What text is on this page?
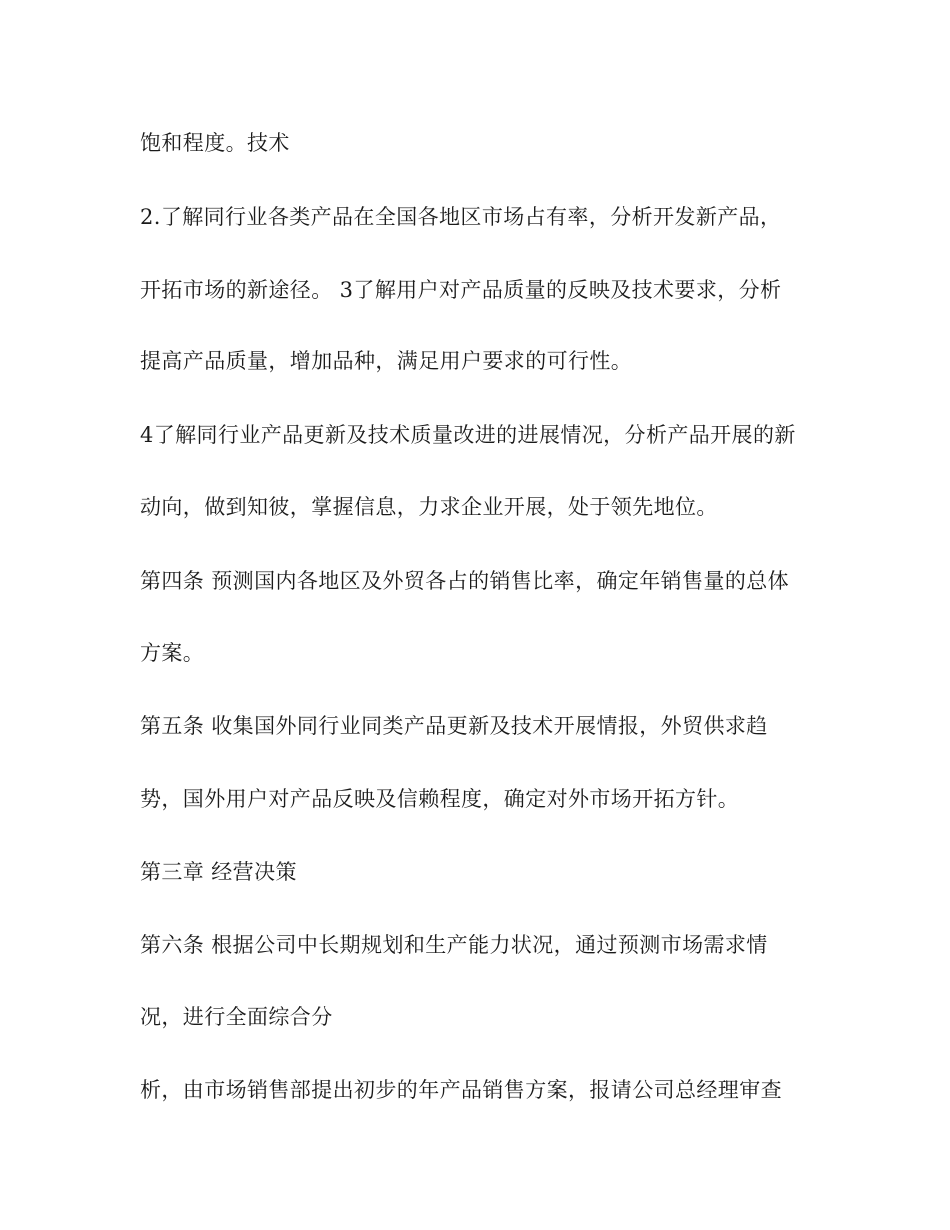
饱和程度。技术
2.了解同行业各类产品在全国各地区市场占有率，分析开发新产品，
开拓市场的新途径。 3了解用户对产品质量的反映及技术要求，分析
提高产品质量，增加品种，满足用户要求的可行性。
4了解同行业产品更新及技术质量改进的进展情况，分析产品开展的新
动向，做到知彼，掌握信息，力求企业开展，处于领先地位。
第四条 预测国内各地区及外贸各占的销售比率，确定年销售量的总体
方案。
第五条 收集国外同行业同类产品更新及技术开展情报，外贸供求趋
势，国外用户对产品反映及信赖程度，确定对外市场开拓方针。
第三章 经营决策
第六条 根据公司中长期规划和生产能力状况，通过预测市场需求情
况，进行全面综合分
析，由市场销售部提出初步的年产品销售方案，报请公司总经理审查
